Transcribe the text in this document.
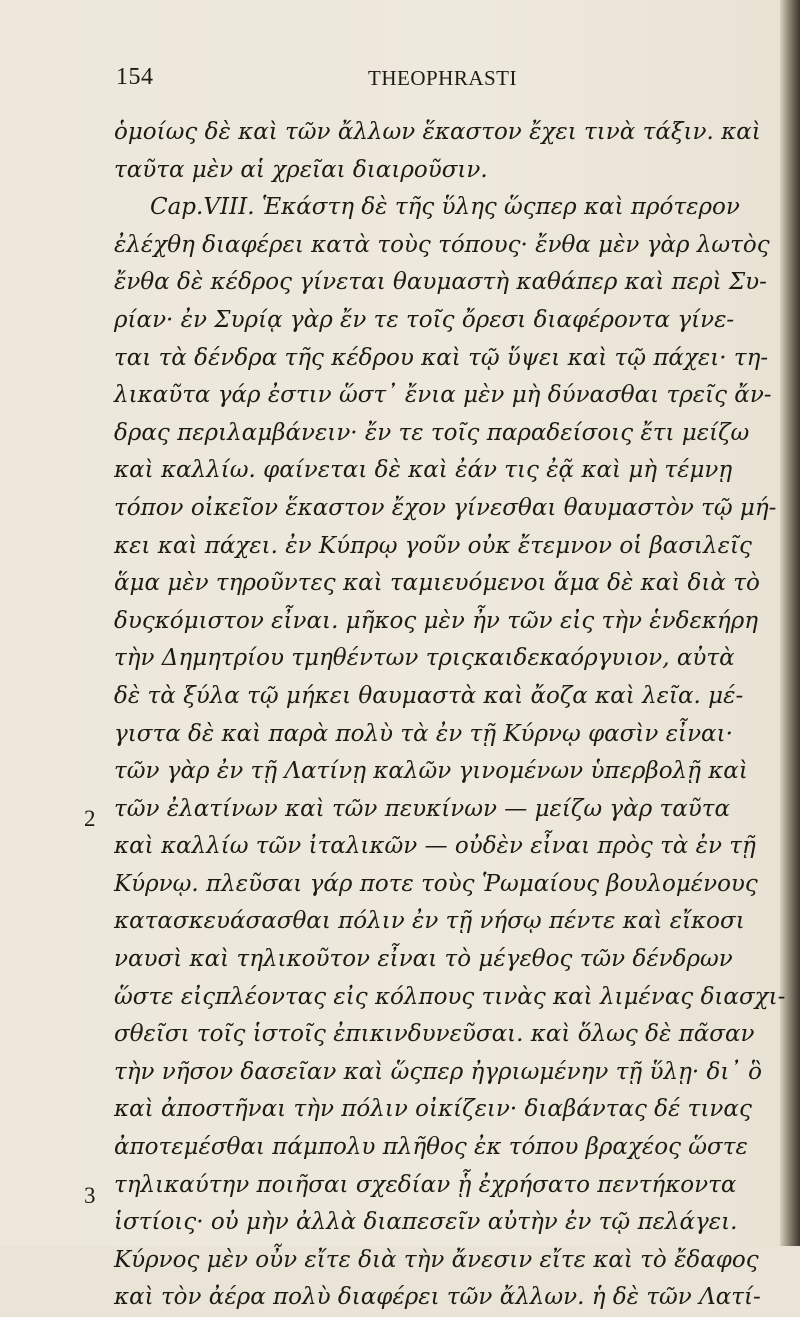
154	THEOPHRASTI
2
3
ὁμοίως δὲ καὶ τῶν ἄλλων ἕκαστον ἔχει τινὰ τάξιν. καὶ
ταῦτα μὲν αἱ χρεῖαι διαιροῦσιν.
Cap.VIII. Ἑκάστη δὲ τῆς ὕλης ὥςπερ καὶ πρότερον
ἐλέχθη διαφέρει κατὰ τοὺς τόπους· ἔνθα μὲν γὰρ λωτὸς
ἔνθα δὲ κέδρος γίνεται θαυμαστὴ καθάπερ καὶ περὶ Συ-
ρίαν· ἐν Συρίᾳ γὰρ ἔν τε τοῖς ὄρεσι διαφέροντα γίνε-
ται τὰ δένδρα τῆς κέδρου καὶ τῷ ὕψει καὶ τῷ πάχει· τη-
λικαῦτα γάρ ἐστιν ὥστ᾽ ἔνια μὲν μὴ δύνασθαι τρεῖς ἄν-
δρας περιλαμβάνειν· ἔν τε τοῖς παραδείσοις ἔτι μείζω
καὶ καλλίω. φαίνεται δὲ καὶ ἐάν τις ἐᾷ καὶ μὴ τέμνῃ
τόπον οἰκεῖον ἕκαστον ἔχον γίνεσθαι θαυμαστὸν τῷ μή-
κει καὶ πάχει. ἐν Κύπρῳ γοῦν οὐκ ἔτεμνον οἱ βασιλεῖς
ἅμα μὲν τηροῦντες καὶ ταμιευόμενοι ἅμα δὲ καὶ διὰ τὸ
δυςκόμιστον εἶναι. μῆκος μὲν ἦν τῶν εἰς τὴν ἑνδεκήρη
τὴν Δημητρίου τμηθέντων τριςκαιδεκαόργυιον, αὐτὰ
δὲ τὰ ξύλα τῷ μήκει θαυμαστὰ καὶ ἄοζα καὶ λεῖα. μέ-
γιστα δὲ καὶ παρὰ πολὺ τὰ ἐν τῇ Κύρνῳ φασὶν εἶναι·
τῶν γὰρ ἐν τῇ Λατίνῃ καλῶν γινομένων ὑπερβολῇ καὶ
τῶν ἐλατίνων καὶ τῶν πευκίνων — μείζω γὰρ ταῦτα
καὶ καλλίω τῶν ἰταλικῶν — οὐδὲν εἶναι πρὸς τὰ ἐν τῇ
Κύρνῳ. πλεῦσαι γάρ ποτε τοὺς Ῥωμαίους βουλομένους
κατασκευάσασθαι πόλιν ἐν τῇ νήσῳ πέντε καὶ εἴκοσι
ναυσὶ καὶ τηλικοῦτον εἶναι τὸ μέγεθος τῶν δένδρων
ὥστε εἰςπλέοντας εἰς κόλπους τινὰς καὶ λιμένας διασχι-
σθεῖσι τοῖς ἱστοῖς ἐπικινδυνεῦσαι. καὶ ὅλως δὲ πᾶσαν
τὴν νῆσον δασεῖαν καὶ ὥςπερ ἠγριωμένην τῇ ὕλῃ· δι᾽ ὃ
καὶ ἀποστῆναι τὴν πόλιν οἰκίζειν· διαβάντας δέ τινας
ἀποτεμέσθαι πάμπολυ πλῆθος ἐκ τόπου βραχέος ὥστε
τηλικαύτην ποιῆσαι σχεδίαν ᾗ ἐχρήσατο πεντήκοντα
ἱστίοις· οὐ μὴν ἀλλὰ διαπεσεῖν αὐτὴν ἐν τῷ πελάγει.
Κύρνος μὲν οὖν εἴτε διὰ τὴν ἄνεσιν εἴτε καὶ τὸ ἔδαφος
καὶ τὸν ἀέρα πολὺ διαφέρει τῶν ἄλλων. ἡ δὲ τῶν Λατί-
